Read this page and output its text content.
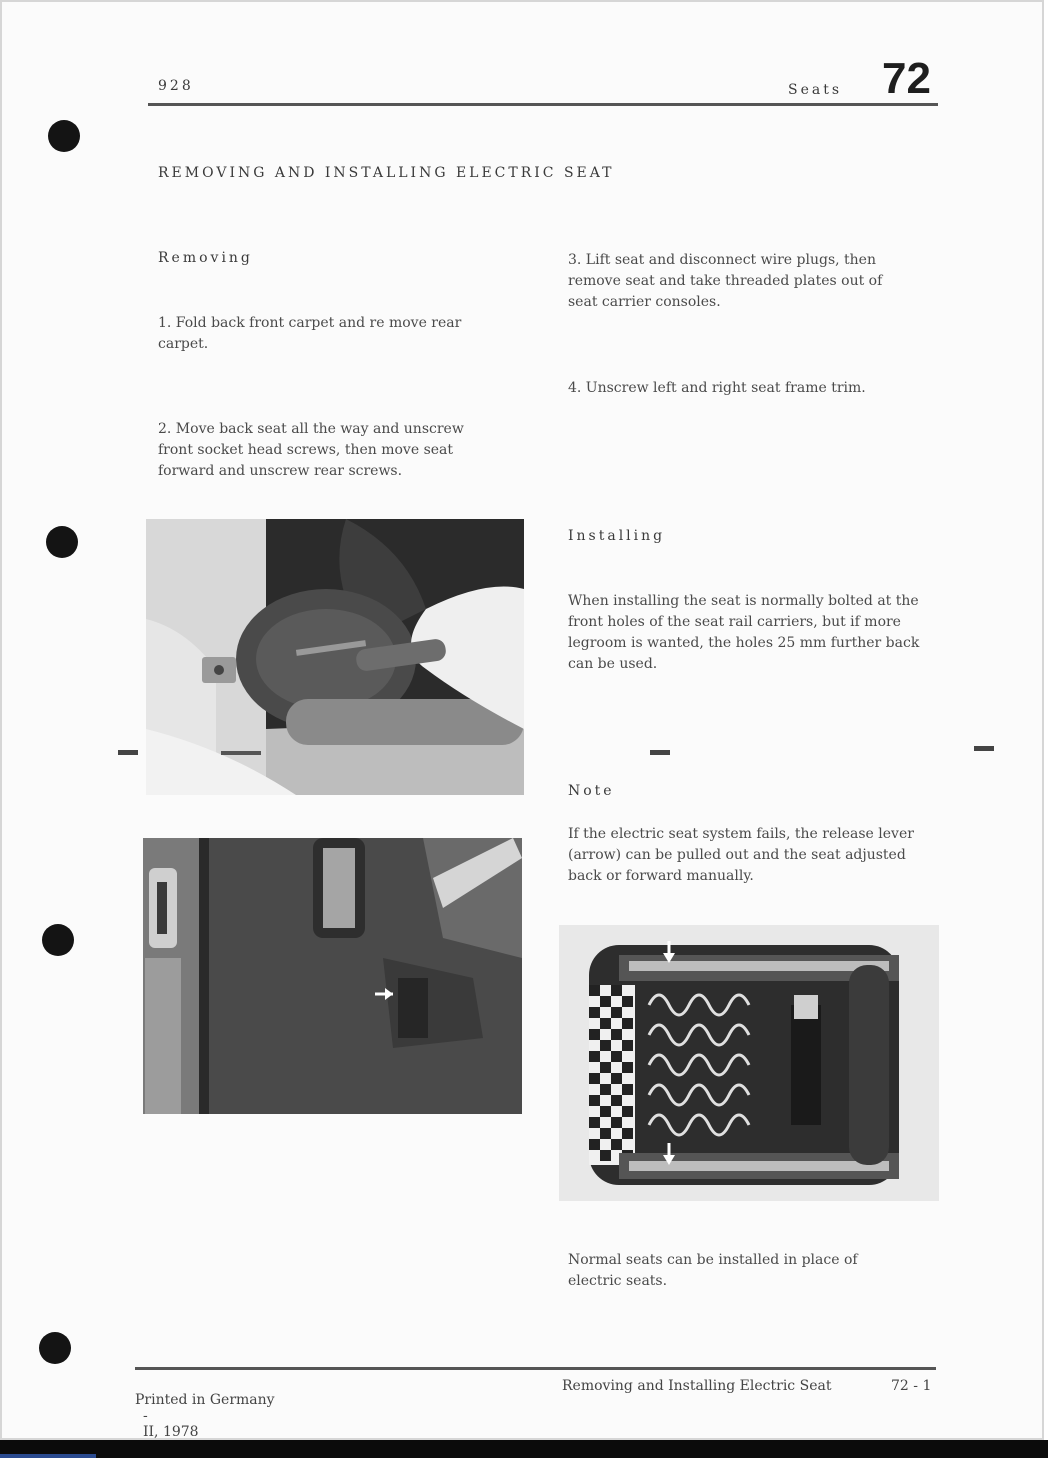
928	Seats 72
REMOVING AND INSTALLING ELECTRIC SEAT
Removing
1. Fold back front carpet and re move rear
carpet.
2. Move back seat all the way and unscrew
front socket head screws, then move seat
forward and unscrew rear screws.
3. Lift seat and disconnect wire plugs, then
remove seat and take threaded plates out of
seat carrier consoles.
4. Unscrew left and right seat frame trim.
Installing
When installing the seat is normally bolted at the
front holes of the seat rail carriers, but if more
legroom is wanted, the holes 25 mm further back
can be used.
Note
If the electric seat system fails, the release lever
(arrow) can be pulled out and the seat adjusted
back or forward manually.
Normal seats can be installed in place of
electric seats.

Printed in Germany
-
II, 1978

Removing and Installing Electric Seat	72 - 1
